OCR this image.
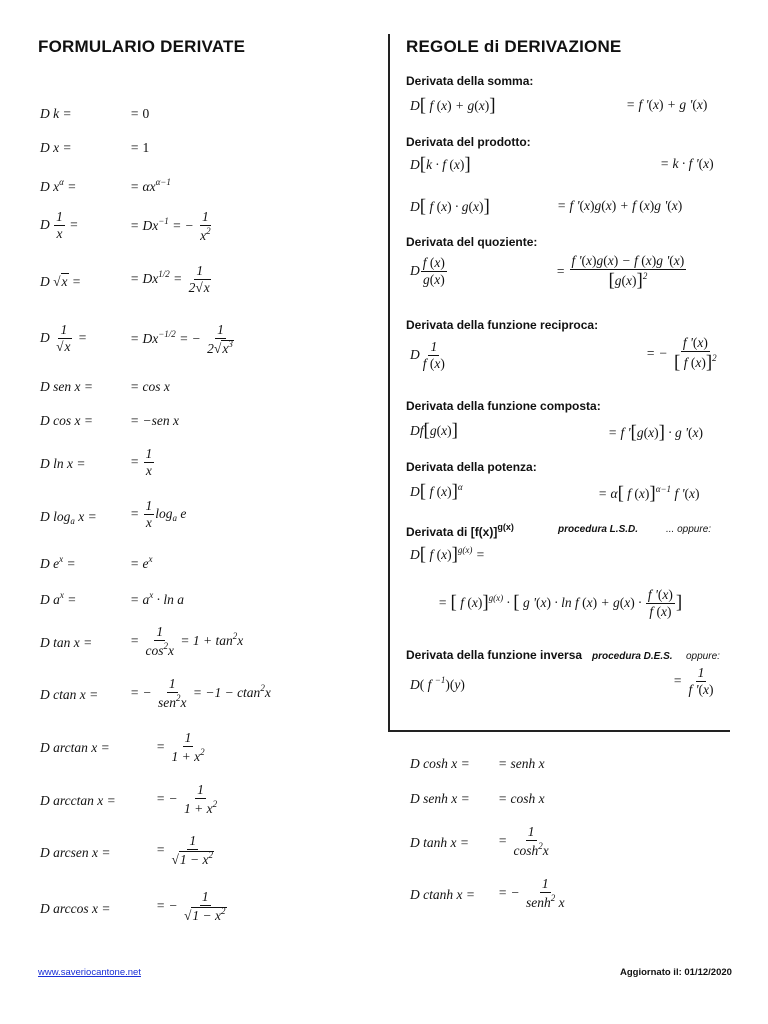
FORMULARIO DERIVATE	REGOLE di DERIVAZIONE
D k =	= 0
D x =	= 1
D $x^\alpha$ =	= $\alpha x^{\alpha-1}$
D $\frac{1}{x}$ =	= $Dx^{-1}$ = − $\frac{1}{x^2}$
D √x =	= $Dx^{1/2} = \frac{1}{2√x}$
D $\frac{1}{√x}$ =	= $Dx^{-1/2}$ = − $\frac{1}{2√x^3}$
D sen x =	= cos x
D cos x =	= −sen x
D ln x =	= $\frac{1}{x}$
D $\log_a x$ = = $\frac{1}{x} \log_a e$
D $e^x$ =	= $e^x$
D $a^x$ =	= $a^x \cdot \ln a$
D tan x =	= $\frac{1}{\cos^2x} = 1 + \tan^2x$
D ctan x = = − $\frac{1}{sen^2x} = -1 - ctan^2x$
D arctan x =	= $\frac{1}{1 + x^2}$
D arcctan x =	= − $\frac{1}{1 + x^2}$
D arcsen x =	= $\frac{1}{√1 - x^2}$
D arccos x =	= − $\frac{1}{√1 - x^2}$
Derivata della somma:
D[ f (x) + g(x)]	= f '(x) + g '(x)
Derivata del prodotto:
D[k · f (x)]	= k · f '(x)
D[ f (x) · g(x)]	= f '(x)g(x) + f (x)g '(x)
Derivata del quoziente:
D $\frac{f (x)}{g(x)}$	= $\frac{f '(x)g(x) - f (x)g '(x)}{[g(x)]^2}$
Derivata della funzione reciproca:
D $\frac{1}{f (x)}$	= − $\frac{f '(x)}{[ f (x)]^2}$
Derivata della funzione composta:
Df[g(x)]	= f '[g(x)] · g '(x)
Derivata della potenza:
D[ f (x)]$^\alpha$	= α[ f (x)]$^{\alpha-1}$ f '(x)
Derivata di $[f(x)]^{g(x)}$	procedura L.S.D.	... oppure:
D[ f (x)]$^{g(x)}$ =
= [ f (x)]$^{g(x)}$ · [ g '(x) · ln f $(x) + g(x) \cdot \frac{f '(x)}{f (x)}$ ]
Derivata della funzione inversa procedura D.E.S. oppure:
D( f $^{-1}$)(y)	= $\frac{1}{f '(x)}$
D cosh x = = senh x
D senh x = = cosh x
D tanh x = = $\frac{1}{\cosh^2x}$
D ctanh x = = − $\frac{1}{senh^2 x}$
www.saveriocantone.net	Aggiornato il: 01/12/2020
